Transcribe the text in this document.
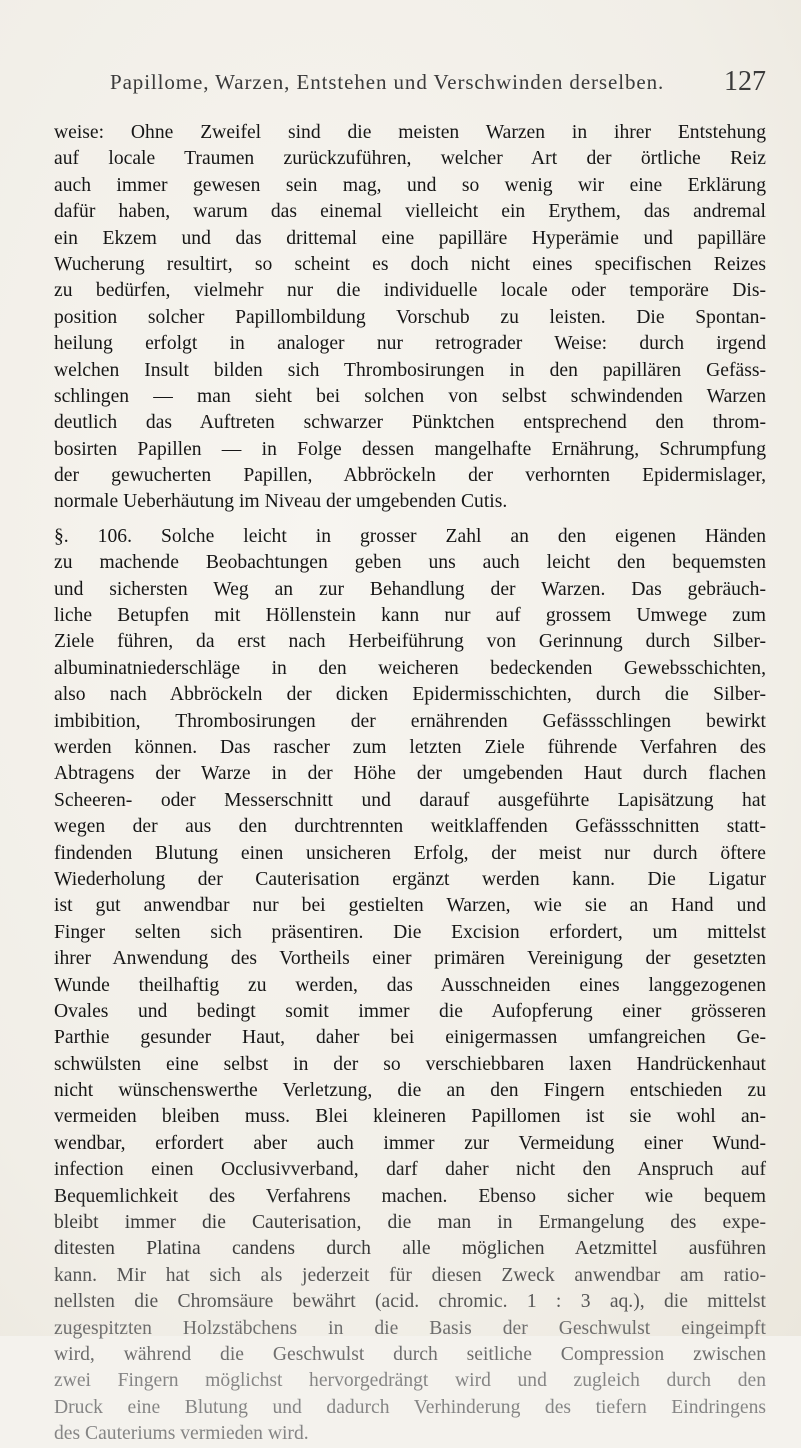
Papillome, Warzen, Entstehen und Verschwinden derselben. 127
weise: Ohne Zweifel sind die meisten Warzen in ihrer Entstehung
auf locale Traumen zurückzuführen, welcher Art der örtliche Reiz
auch immer gewesen sein mag, und so wenig wir eine Erklärung
dafür haben, warum das einemal vielleicht ein Erythem, das andremal
ein Ekzem und das drittemal eine papilläre Hyperämie und papilläre
Wucherung resultirt, so scheint es doch nicht eines specifischen Reizes
zu bedürfen, vielmehr nur die individuelle locale oder temporäre Dis-
position solcher Papillombildung Vorschub zu leisten. Die Spontan-
heilung erfolgt in analoger nur retrograder Weise: durch irgend
welchen Insult bilden sich Thrombosirungen in den papillären Gefäss-
schlingen — man sieht bei solchen von selbst schwindenden Warzen
deutlich das Auftreten schwarzer Pünktchen entsprechend den throm-
bosirten Papillen — in Folge dessen mangelhafte Ernährung, Schrumpfung
der gewucherten Papillen, Abbröckeln der verhornten Epidermislager,
normale Ueberhäutung im Niveau der umgebenden Cutis.
§. 106. Solche leicht in grosser Zahl an den eigenen Händen
zu machende Beobachtungen geben uns auch leicht den bequemsten
und sichersten Weg an zur Behandlung der Warzen. Das gebräuch-
liche Betupfen mit Höllenstein kann nur auf grossem Umwege zum
Ziele führen, da erst nach Herbeiführung von Gerinnung durch Silber-
albuminatniederschläge in den weicheren bedeckenden Gewebsschichten,
also nach Abbröckeln der dicken Epidermisschichten, durch die Silber-
imbibition, Thrombosirungen der ernährenden Gefässschlingen bewirkt
werden können. Das rascher zum letzten Ziele führende Verfahren des
Abtragens der Warze in der Höhe der umgebenden Haut durch flachen
Scheeren- oder Messerschnitt und darauf ausgeführte Lapisätzung hat
wegen der aus den durchtrennten weitklaffenden Gefässschnitten statt-
findenden Blutung einen unsicheren Erfolg, der meist nur durch öftere
Wiederholung der Cauterisation ergänzt werden kann. Die Ligatur
ist gut anwendbar nur bei gestielten Warzen, wie sie an Hand und
Finger selten sich präsentiren. Die Excision erfordert, um mittelst
ihrer Anwendung des Vortheils einer primären Vereinigung der gesetzten
Wunde theilhaftig zu werden, das Ausschneiden eines langgezogenen
Ovales und bedingt somit immer die Aufopferung einer grösseren
Parthie gesunder Haut, daher bei einigermassen umfangreichen Ge-
schwülsten eine selbst in der so verschiebbaren laxen Handrückenhaut
nicht wünschenswerthe Verletzung, die an den Fingern entschieden zu
vermeiden bleiben muss. Blei kleineren Papillomen ist sie wohl an-
wendbar, erfordert aber auch immer zur Vermeidung einer Wund-
infection einen Occlusivverband, darf daher nicht den Anspruch auf
Bequemlichkeit des Verfahrens machen. Ebenso sicher wie bequem
bleibt immer die Cauterisation, die man in Ermangelung des expe-
ditesten Platina candens durch alle möglichen Aetzmittel ausführen
kann. Mir hat sich als jederzeit für diesen Zweck anwendbar am ratio-
nellsten die Chromsäure bewährt (acid. chromic. 1 : 3 aq.), die mittelst
zugespitzten Holzstäbchens in die Basis der Geschwulst eingeimpft
wird, während die Geschwulst durch seitliche Compression zwischen
zwei Fingern möglichst hervorgedrängt wird und zugleich durch den
Druck eine Blutung und dadurch Verhinderung des tiefern Eindringens
des Cauteriums vermieden wird.
